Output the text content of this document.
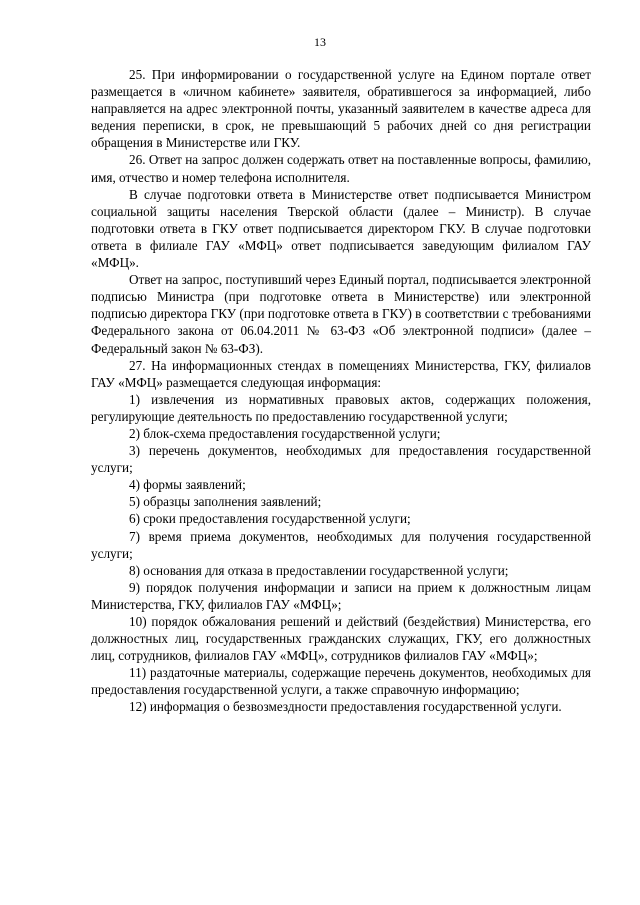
13

25. При информировании о государственной услуге на Едином портале ответ размещается в «личном кабинете» заявителя, обратившегося за информацией, либо направляется на адрес электронной почты, указанный заявителем в качестве адреса для ведения переписки, в срок, не превышающий 5 рабочих дней со дня регистрации обращения в Министерстве или ГКУ.

26. Ответ на запрос должен содержать ответ на поставленные вопросы, фамилию, имя, отчество и номер телефона исполнителя.

В случае подготовки ответа в Министерстве ответ подписывается Министром социальной защиты населения Тверской области (далее – Министр). В случае подготовки ответа в ГКУ ответ подписывается директором ГКУ. В случае подготовки ответа в филиале ГАУ «МФЦ» ответ подписывается заведующим филиалом ГАУ «МФЦ».

Ответ на запрос, поступивший через Единый портал, подписывается электронной подписью Министра (при подготовке ответа в Министерстве) или электронной подписью директора ГКУ (при подготовке ответа в ГКУ) в соответствии с требованиями Федерального закона от 06.04.2011 № 63-ФЗ «Об электронной подписи» (далее – Федеральный закон № 63-ФЗ).

27. На информационных стендах в помещениях Министерства, ГКУ, филиалов ГАУ «МФЦ» размещается следующая информация:

1) извлечения из нормативных правовых актов, содержащих положения, регулирующие деятельность по предоставлению государственной услуги;

2) блок-схема предоставления государственной услуги;

3) перечень документов, необходимых для предоставления государственной услуги;

4) формы заявлений;

5) образцы заполнения заявлений;

6) сроки предоставления государственной услуги;

7) время приема документов, необходимых для получения государственной услуги;

8) основания для отказа в предоставлении государственной услуги;

9) порядок получения информации и записи на прием к должностным лицам Министерства, ГКУ, филиалов ГАУ «МФЦ»;

10) порядок обжалования решений и действий (бездействия) Министерства, его должностных лиц, государственных гражданских служащих, ГКУ, его должностных лиц, сотрудников, филиалов ГАУ «МФЦ», сотрудников филиалов ГАУ «МФЦ»;

11) раздаточные материалы, содержащие перечень документов, необходимых для предоставления государственной услуги, а также справочную информацию;

12) информация о безвозмездности предоставления государственной услуги.
